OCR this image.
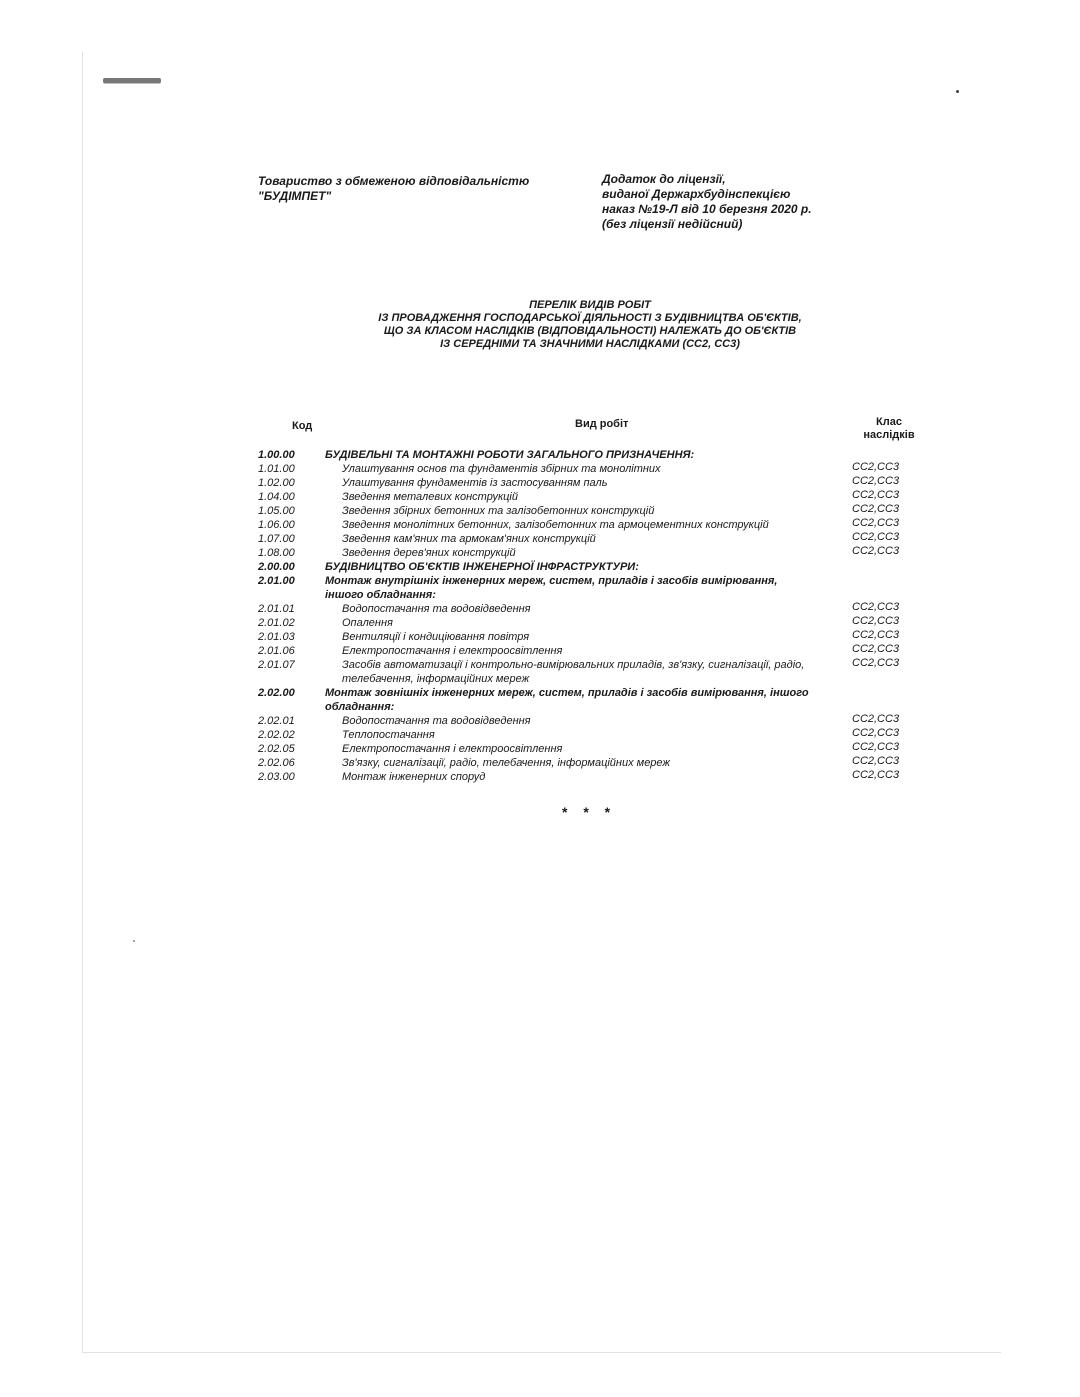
Товариство з обмеженою відповідальністю
"БУДІМПЕТ"
Додаток до ліцензії,
виданої Держархбудінспекцією
наказ №19-Л від 10 березня 2020 р.
(без ліцензії недійсний)
ПЕРЕЛІК ВИДІВ РОБІТ
ІЗ ПРОВАДЖЕННЯ ГОСПОДАРСЬКОЇ ДІЯЛЬНОСТІ З БУДІВНИЦТВА ОБ'ЄКТІВ,
ЩО ЗА КЛАСОМ НАСЛІДКІВ (ВІДПОВІДАЛЬНОСТІ) НАЛЕЖАТЬ ДО ОБ'ЄКТІВ
ІЗ СЕРЕДНІМИ ТА ЗНАЧНИМИ НАСЛІДКАМИ (СС2, СС3)
Код	Вид робіт	Клас
наслідків
1.00.00	БУДІВЕЛЬНІ ТА МОНТАЖНІ РОБОТИ ЗАГАЛЬНОГО ПРИЗНАЧЕННЯ:
1.01.00	Улаштування основ та фундаментів збірних та монолітних	СС2,СС3
1.02.00	Улаштування фундаментів із застосуванням паль	СС2,СС3
1.04.00	Зведення металевих конструкцій	СС2,СС3
1.05.00	Зведення збірних бетонних та залізобетонних конструкцій	СС2,СС3
1.06.00	Зведення монолітних бетонних, залізобетонних та армоцементних конструкцій	СС2,СС3
1.07.00	Зведення кам'яних та армокам'яних конструкцій	СС2,СС3
1.08.00	Зведення дерев'яних конструкцій	СС2,СС3
2.00.00	БУДІВНИЦТВО ОБ'ЄКТІВ ІНЖЕНЕРНОЇ ІНФРАСТРУКТУРИ:
2.01.00	Монтаж внутрішніх інженерних мереж, систем, приладів і засобів вимірювання, іншого обладнання:
2.01.01	Водопостачання та водовідведення	СС2,СС3
2.01.02	Опалення	СС2,СС3
2.01.03	Вентиляції і кондиціювання повітря	СС2,СС3
2.01.06	Електропостачання і електроосвітлення	СС2,СС3
2.01.07	Засобів автоматизації і контрольно-вимірювальних приладів, зв'язку, сигналізації, радіо, телебачення, інформаційних мереж
СС2,СС3
2.02.00	Монтаж зовнішніх інженерних мереж, систем, приладів і засобів вимірювання, іншого обладнання:
2.02.01	Водопостачання та водовідведення	СС2,СС3
2.02.02	Теплопостачання	СС2,СС3
2.02.05	Електропостачання і електроосвітлення	СС2,СС3
2.02.06	Зв'язку, сигналізації, радіо, телебачення, інформаційних мереж	СС2,СС3
2.03.00	Монтаж інженерних споруд	СС2,СС3
* * *
